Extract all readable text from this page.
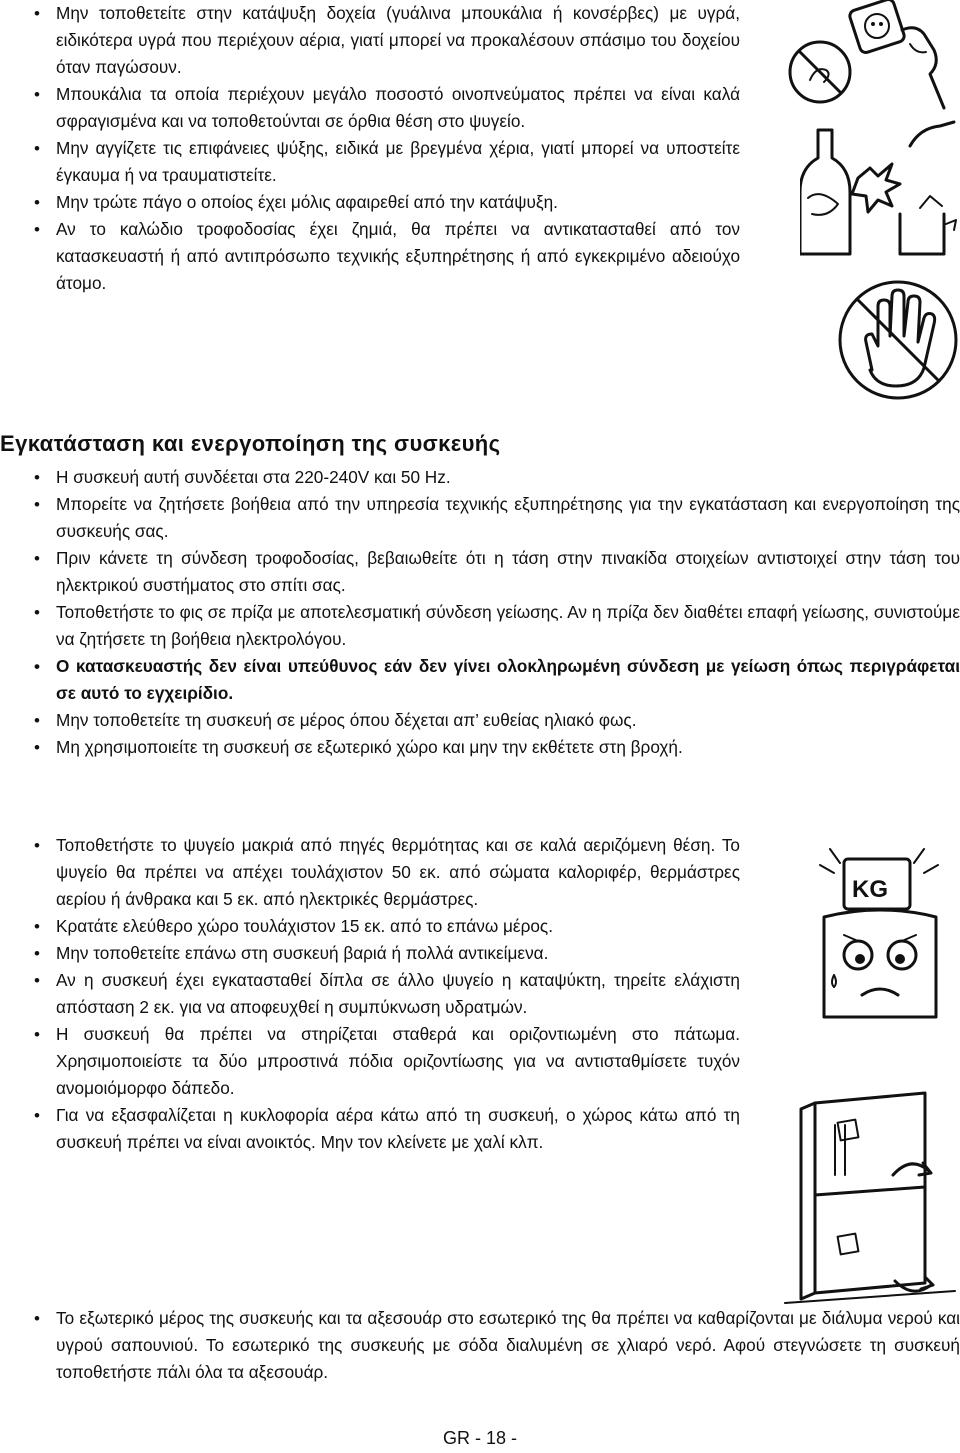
• Μην τοποθετείτε στην κατάψυξη δοχεία (γυάλινα μπουκάλια ή κονσέρβες) με υγρά, ειδικότερα υγρά που περιέχουν αέρια, γιατί μπορεί να προκαλέσουν σπάσιμο του δοχείου όταν παγώσουν.
• Μπουκάλια τα οποία περιέχουν μεγάλο ποσοστό οινοπνεύματος πρέπει να είναι καλά σφραγισμένα και να τοποθετούνται σε όρθια θέση στο ψυγείο.
• Μην αγγίζετε τις επιφάνειες ψύξης, ειδικά με βρεγμένα χέρια, γιατί μπορεί να υποστείτε έγκαυμα ή να τραυματιστείτε.
• Μην τρώτε πάγο ο οποίος έχει μόλις αφαιρεθεί από την κατάψυξη.
• Αν το καλώδιο τροφοδοσίας έχει ζημιά, θα πρέπει να αντικατασταθεί από τον κατασκευαστή ή από αντιπρόσωπο τεχνικής εξυπηρέτησης ή από εγκεκριμένο αδειούχο άτομο.
Εγκατάσταση και ενεργοποίηση της συσκευής
• Η συσκευή αυτή συνδέεται στα 220-240V και 50 Hz.
• Μπορείτε να ζητήσετε βοήθεια από την υπηρεσία τεχνικής εξυπηρέτησης για την εγκατάσταση και ενεργοποίηση της συσκευής σας.
• Πριν κάνετε τη σύνδεση τροφοδοσίας, βεβαιωθείτε ότι η τάση στην πινακίδα στοιχείων αντιστοιχεί στην τάση του ηλεκτρικού συστήματος στο σπίτι σας.
• Τοποθετήστε το φις σε πρίζα με αποτελεσματική σύνδεση γείωσης. Αν η πρίζα δεν διαθέτει επαφή γείωσης, συνιστούμε να ζητήσετε τη βοήθεια ηλεκτρολόγου.
• Ο κατασκευαστής δεν είναι υπεύθυνος εάν δεν γίνει ολοκληρωμένη σύνδεση με γείωση όπως περιγράφεται σε αυτό το εγχειρίδιο.
• Μην τοποθετείτε τη συσκευή σε μέρος όπου δέχεται απ’ ευθείας ηλιακό φως.
• Μη χρησιμοποιείτε τη συσκευή σε εξωτερικό χώρο και μην την εκθέτετε στη βροχή.
• Τοποθετήστε το ψυγείο μακριά από πηγές θερμότητας και σε καλά αεριζόμενη θέση. Το ψυγείο θα πρέπει να απέχει τουλάχιστον 50 εκ. από σώματα καλοριφέρ, θερμάστρες αερίου ή άνθρακα και 5 εκ. από ηλεκτρικές θερμάστρες.
• Κρατάτε ελεύθερο χώρο τουλάχιστον 15 εκ. από το επάνω μέρος.
• Μην τοποθετείτε επάνω στη συσκευή βαριά ή πολλά αντικείμενα.
• Αν η συσκευή έχει εγκατασταθεί δίπλα σε άλλο ψυγείο η καταψύκτη, τηρείτε ελάχιστη απόσταση 2 εκ. για να αποφευχθεί η συμπύκνωση υδρατμών.
• Η συσκευή θα πρέπει να στηρίζεται σταθερά και οριζοντιωμένη στο πάτωμα. Χρησιμοποιείστε τα δύο μπροστινά πόδια οριζοντίωσης για να αντισταθμίσετε τυχόν ανομοιόμορφο δάπεδο.
• Για να εξασφαλίζεται η κυκλοφορία αέρα κάτω από τη συσκευή, ο χώρος κάτω από τη συσκευή πρέπει να είναι ανοικτός. Μην τον κλείνετε με χαλί κλπ.
KG
• Το εξωτερικό μέρος της συσκευής και τα αξεσουάρ στο εσωτερικό της θα πρέπει να καθαρίζονται με διάλυμα νερού και υγρού σαπουνιού. Το εσωτερικό της συσκευής με σόδα διαλυμένη σε χλιαρό νερό. Αφού στεγνώσετε τη συσκευή τοποθετήστε πάλι όλα τα αξεσουάρ.
GR - 18 -
